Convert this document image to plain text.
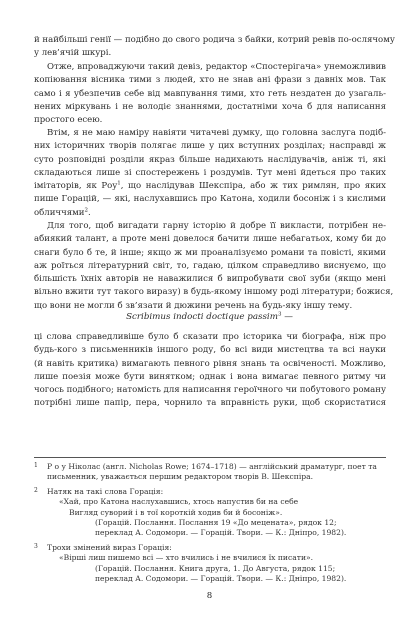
й найбільші генії — подібно до свого родича з байки, котрий ревів по-ослячому
у лев’ячій шкурі.
Отже, впроваджуючи такий девіз, редактор «Спостерігача» унеможливив
копіювання вісника тими з людей, хто не знав ані фрази з давніх мов. Так
само і я убезпечив себе від мавпування тими, хто геть нездатен до узагаль-
нених міркувань і не володіє знаннями, достатніми хоча б для написання
простого есею.
Втім, я не маю наміру навіяти читачеві думку, що головна заслуга подіб-
них історичних творів полягає лише у цих вступних розділах; насправді ж
суто розповідні розділи якраз більше надихають наслідувачів, аніж ті, які
складаються лише зі спостережень і роздумів. Тут мені йдеться про таких
імітаторів, як Роу$^1$, що наслідував Шекспіра, або ж тих римлян, про яких
пише Горацій, — які, наслухавшись про Катона, ходили босоніж і з кислими
обличчями$^2$.
Для того, щоб вигадати гарну історію й добре її викласти, потрібен не-
абиякий талант, а проте мені довелося бачити лише небагатьох, кому би до
снаги було б те, й інше; якщо ж ми проаналізуємо романи та повісті, якими
аж роїться літературний світ, то, гадаю, цілком справедливо виснуємо, що
більшість їхніх авторів не наважилися б випробувати свої зуби (якщо мені
вільно вжити тут такого виразу) в будь-якому іншому роді літератури; божися,
що вони не могли б зв’язати й дюжини речень на будь-яку іншу тему.
Scribimus indocti doctique passim$^3$ —
ці слова справедливіше було б сказати про історика чи біографа, ніж про
будь-кого з письменників іншого роду, бо всі види мистецтва та всі науки
(й навіть критика) вимагають певного рівня знань та освіченості. Можливо,
лише поезія може бути винятком; однак і вона вимагає певного ритму чи
чогось подібного; натомість для написання героїчного чи побутового роману
потрібні лише папір, пера, чорнило та вправність руки, щоб скористатися
1 Р о у Ніколас (англ. Nicholas Rowe; 1674–1718) — англійський драматург, поет та
письменник, уважається першим редактором творів В. Шекспіра.
2 Натяк на такі слова Горація:
«Хай, про Катона наслухавшись, хтось напустив би на себе
Вигляд суворий і в тої короткій ходив би й босоніж».
(Горацій. Послання. Послання 19 «До мецената», рядок 12;
переклад А. Содомори. — Горацій. Твори. — К.: Дніпро, 1982).
3 Трохи змінений вираз Горація:
«Вірші лиш пишемо всі — хто вчились і не вчилися їх писати».
(Горацій. Послання. Книга друга, 1. До Августа, рядок 115;
переклад А. Содомори. — Горацій. Твори. — К.: Дніпро, 1982).
8
